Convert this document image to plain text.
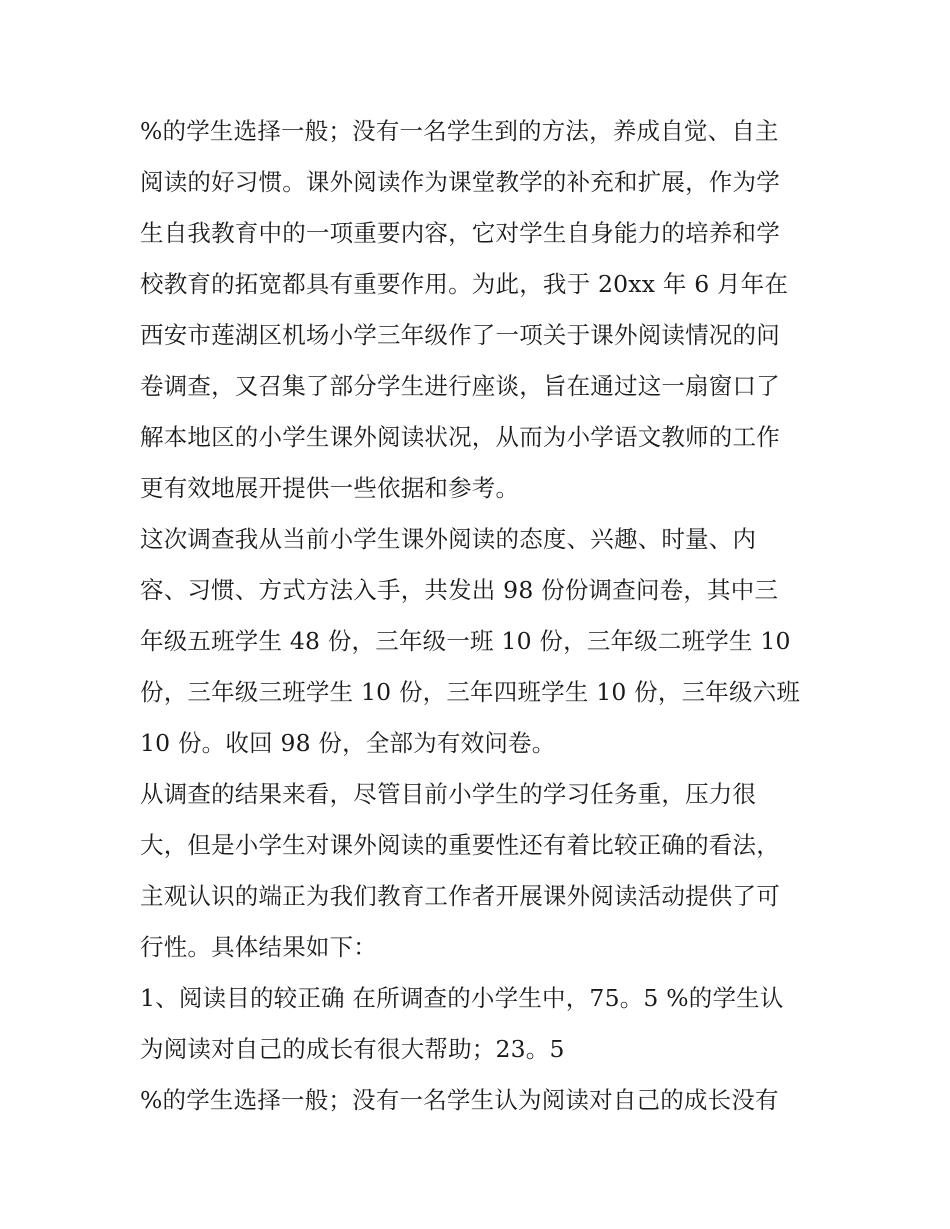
%的学生选择一般；没有一名学生到的方法，养成自觉、自主
阅读的好习惯。课外阅读作为课堂教学的补充和扩展，作为学
生自我教育中的一项重要内容，它对学生自身能力的培养和学
校教育的拓宽都具有重要作用。为此，我于 20xx 年 6 月年在
西安市莲湖区机场小学三年级作了一项关于课外阅读情况的问
卷调查，又召集了部分学生进行座谈，旨在通过这一扇窗口了
解本地区的小学生课外阅读状况，从而为小学语文教师的工作
更有效地展开提供一些依据和参考。
这次调查我从当前小学生课外阅读的态度、兴趣、时量、内
容、习惯、方式方法入手，共发出 98 份份调查问卷，其中三
年级五班学生 48 份，三年级一班 10 份，三年级二班学生 10
份，三年级三班学生 10 份，三年四班学生 10 份，三年级六班
10 份。收回 98 份，全部为有效问卷。
从调查的结果来看，尽管目前小学生的学习任务重，压力很
大，但是小学生对课外阅读的重要性还有着比较正确的看法，
主观认识的端正为我们教育工作者开展课外阅读活动提供了可
行性。具体结果如下：
1、阅读目的较正确 在所调查的小学生中，75。5 %的学生认
为阅读对自己的成长有很大帮助；23。5
%的学生选择一般；没有一名学生认为阅读对自己的成长没有
